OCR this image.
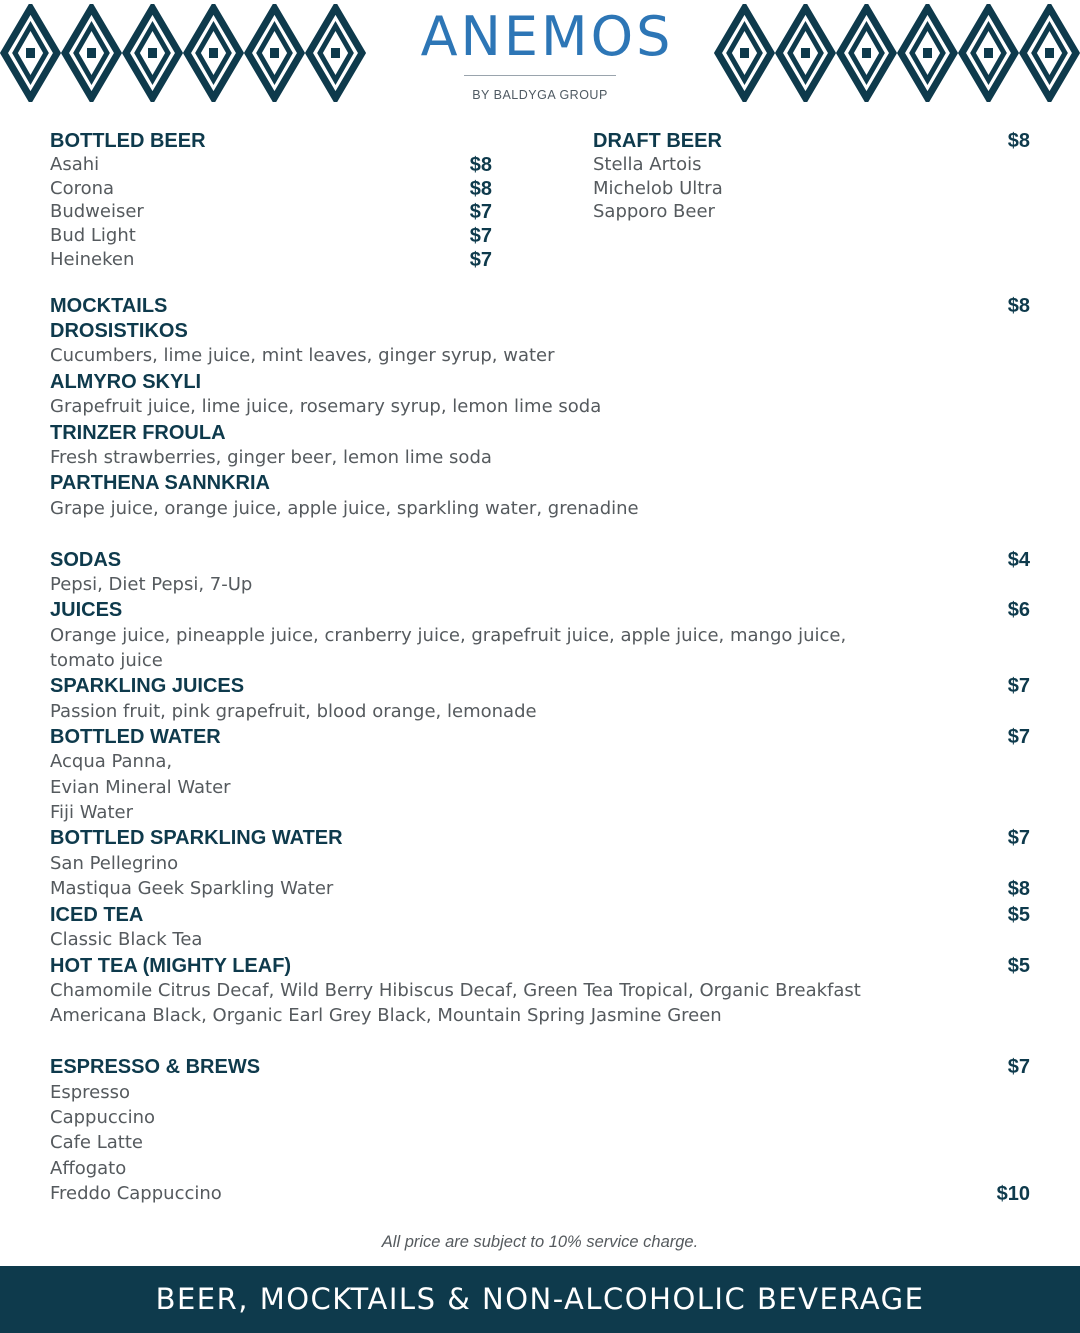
ANEMOS
BY BALDYGA GROUP
BOTTLED BEER
Asahi	$8
Corona	$8
Budweiser	$7
Bud Light	$7
Heineken	$7
DRAFT BEER	$8
Stella Artois
Michelob Ultra
Sapporo Beer
MOCKTAILS	$8
DROSISTIKOS
Cucumbers, lime juice, mint leaves, ginger syrup, water
ALMYRO SKYLI
Grapefruit juice, lime juice, rosemary syrup, lemon lime soda
TRINZER FROULA
Fresh strawberries, ginger beer, lemon lime soda
PARTHENA SANNKRIA
Grape juice, orange juice, apple juice, sparkling water, grenadine
SODAS	$4
Pepsi, Diet Pepsi, 7-Up
JUICES	$6
Orange juice, pineapple juice, cranberry juice, grapefruit juice, apple juice, mango juice,
tomato juice
SPARKLING JUICES	$7
Passion fruit, pink grapefruit, blood orange, lemonade
BOTTLED WATER	$7
Acqua Panna,
Evian Mineral Water
Fiji Water
BOTTLED SPARKLING WATER	$7
San Pellegrino
Mastiqua Geek Sparkling Water	$8
ICED TEA	$5
Classic Black Tea
HOT TEA (MIGHTY LEAF)	$5
Chamomile Citrus Decaf, Wild Berry Hibiscus Decaf, Green Tea Tropical, Organic Breakfast
Americana Black, Organic Earl Grey Black, Mountain Spring Jasmine Green
ESPRESSO & BREWS	$7
Espresso
Cappuccino
Cafe Latte
Affogato
Freddo Cappuccino	$10
All price are subject to 10% service charge.
BEER, MOCKTAILS & NON-ALCOHOLIC BEVERAGE
